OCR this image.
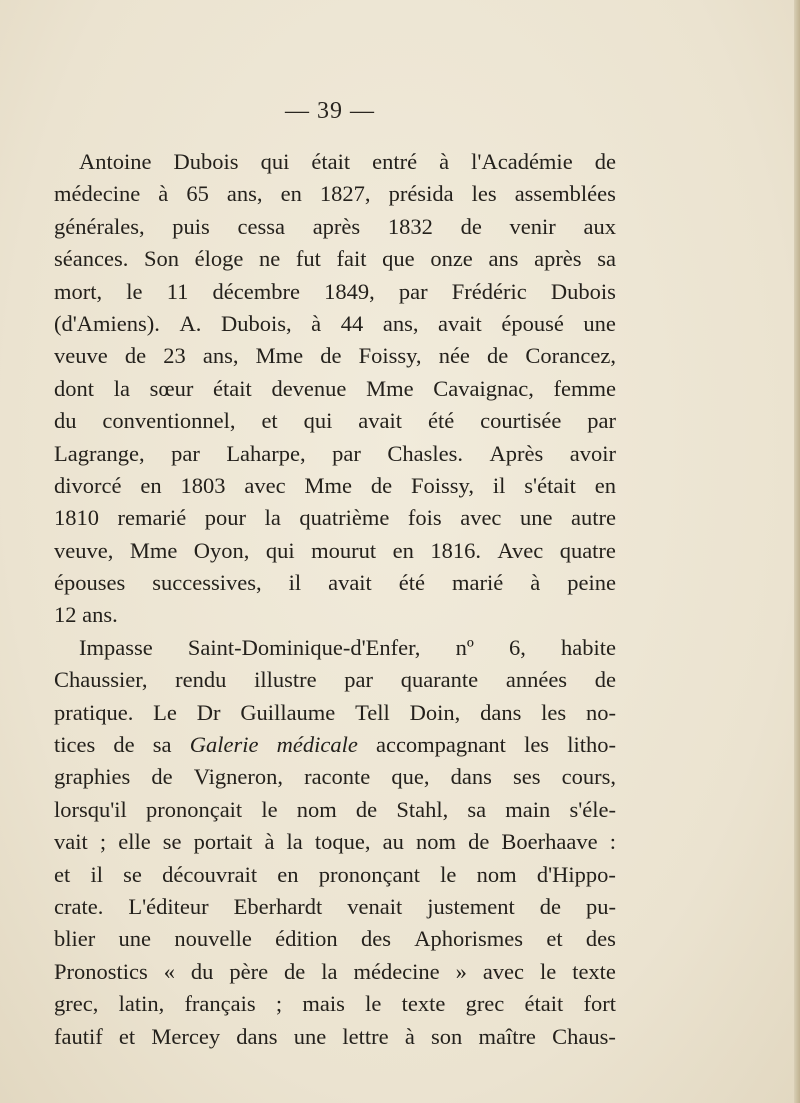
— 39 —
Antoine Dubois qui était entré à l'Académie de
médecine à 65 ans, en 1827, présida les assemblées
générales, puis cessa après 1832 de venir aux
séances. Son éloge ne fut fait que onze ans après sa
mort, le 11 décembre 1849, par Frédéric Dubois
(d'Amiens). A. Dubois, à 44 ans, avait épousé une
veuve de 23 ans, Mme de Foissy, née de Corancez,
dont la sœur était devenue Mme Cavaignac, femme
du conventionnel, et qui avait été courtisée par
Lagrange, par Laharpe, par Chasles. Après avoir
divorcé en 1803 avec Mme de Foissy, il s'était en
1810 remarié pour la quatrième fois avec une autre
veuve, Mme Oyon, qui mourut en 1816. Avec quatre
épouses successives, il avait été marié à peine
12 ans.
Impasse Saint-Dominique-d'Enfer, nº 6, habite
Chaussier, rendu illustre par quarante années de
pratique. Le Dr Guillaume Tell Doin, dans les no-
tices de sa Galerie médicale accompagnant les litho-
graphies de Vigneron, raconte que, dans ses cours,
lorsqu'il prononçait le nom de Stahl, sa main s'éle-
vait ; elle se portait à la toque, au nom de Boerhaave :
et il se découvrait en prononçant le nom d'Hippo-
crate. L'éditeur Eberhardt venait justement de pu-
blier une nouvelle édition des Aphorismes et des
Pronostics « du père de la médecine » avec le texte
grec, latin, français ; mais le texte grec était fort
fautif et Mercey dans une lettre à son maître Chaus-
